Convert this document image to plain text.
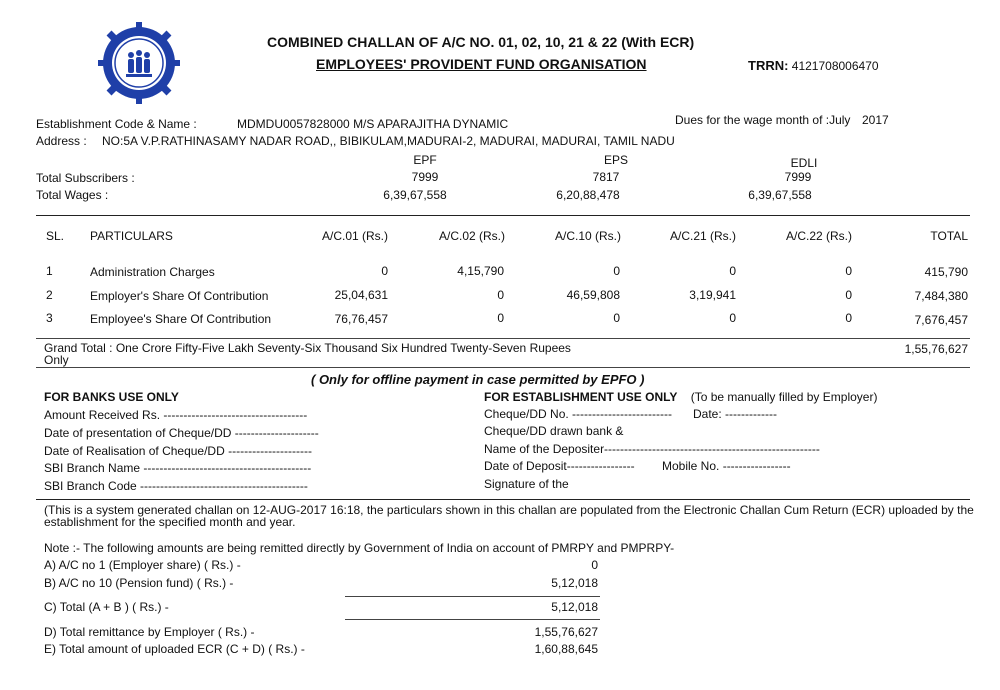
COMBINED CHALLAN OF A/C NO. 01, 02, 10, 21 & 22 (With ECR)
EMPLOYEES' PROVIDENT FUND ORGANISATION	TRRN: 4121708006470
Establishment Code & Name :	MDMDU0057828000 M/S APARAJITHA DYNAMIC	Dues for the wage month of :July 2017
Address : NO:5A V.P.RATHINASAMY NADAR ROAD,, BIBIKULAM,MADURAI-2, MADURAI, MADURAI, TAMIL NADU
EPF	EPS	EDLI
Total Subscribers :	7999	7817	7999
Total Wages :	6,39,67,558	6,20,88,478	6,39,67,558
SL. PARTICULARS	A/C.01 (Rs.)	A/C.02 (Rs.)	A/C.10 (Rs.)	A/C.21 (Rs.)	A/C.22 (Rs.)	TOTAL
1	Administration Charges	0	4,15,790	0	0	0	415,790
2	Employer's Share Of Contribution	25,04,631	0	46,59,808	3,19,941	0	7,484,380
3	Employee's Share Of Contribution	76,76,457	0	0	0	0	7,676,457
Grand Total : One Crore Fifty-Five Lakh Seventy-Six Thousand Six Hundred Twenty-Seven Rupees
Only
1,55,76,627
( Only for offline payment in case permitted by EPFO )
FOR BANKS USE ONLY
Amount Received Rs. ------------------------------------
Date of presentation of Cheque/DD ---------------------
Date of Realisation of Cheque/DD ---------------------
SBI Branch Name ------------------------------------------
SBI Branch Code ------------------------------------------
FOR ESTABLISHMENT USE ONLY (To be manually filled by Employer)
Cheque/DD No. ------------------------- Date: -------------
Cheque/DD drawn bank &
Name of the Depositer------------------------------------------------------
Date of Deposit----------------- Mobile No. -----------------
Signature of the
(This is a system generated challan on 12-AUG-2017 16:18, the particulars shown in this challan are populated from the Electronic Challan Cum Return (ECR) uploaded by the
establishment for the specified month and year.
Note :- The following amounts are being remitted directly by Government of India on account of PMRPY and PMPRPY-
A) A/C no 1 (Employer share) ( Rs.) -	0
B) A/C no 10 (Pension fund) ( Rs.) -	5,12,018
C) Total (A + B ) ( Rs.) -	5,12,018
D) Total remittance by Employer ( Rs.) -	1,55,76,627
E) Total amount of uploaded ECR (C + D) ( Rs.) -	1,60,88,645
